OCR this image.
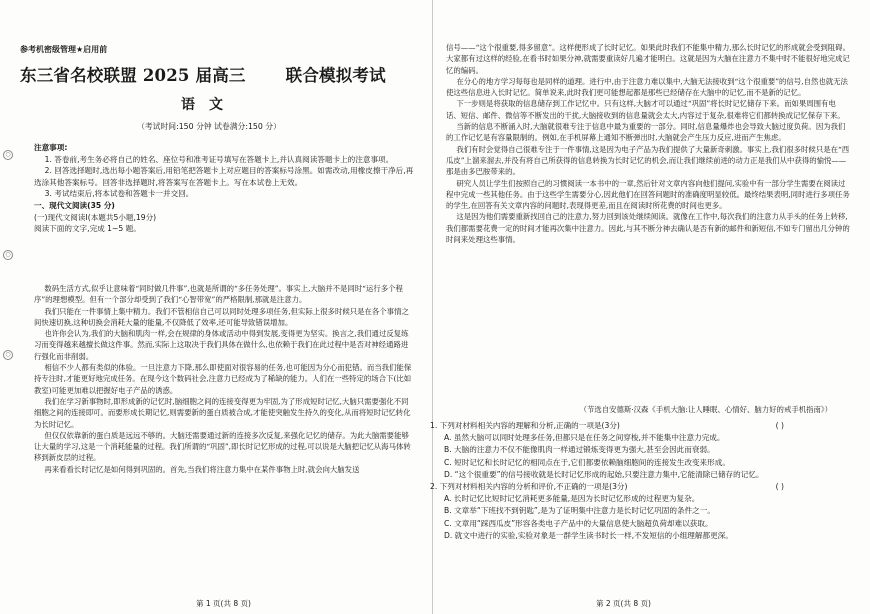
○
○
○
参考机密级管理★启用前
东三省名校联盟 2025 届高三 联合模拟考试
语文
（考试时间:150 分钟 试卷满分:150 分）

注意事项:

1. 答卷前,考生务必将自己的姓名、座位号和准考证号填写在答题卡上,并认真阅读答题卡上的注意事项。

2. 回答选择题时,选出每小题答案后,用铅笔把答题卡上对应题目的答案标号涂黑。如需改动,用橡皮擦干净后,再选涂其他答案标号。回答非选择题时,将答案写在答题卡上。写在本试卷上无效。

3. 考试结束后,将本试卷和答题卡一并交回。

一、现代文阅读(35 分)

(一)现代文阅读Ⅰ(本题共5小题,19分)

阅读下面的文字,完成 1~5 题。

数码生活方式,似乎让意味着“同时做几件事”,也就是所谓的“多任务处理”。事实上,大脑并不是同时“运行多个程序”的理想模型。但有一个部分却受到了我们“心智带宽”的严格限制,那就是注意力。

我们只能在一件事情上集中精力。我们不管相信自己可以同时处理多项任务,但实际上很多时候只是在各个事情之间快速切换,这种切换会消耗大量的能量,不仅降低了效率,还可能导致错误增加。

也许你会认为,我们的大脑和肌肉一样,会在规律的身体或活动中得到发展,变得更为坚实。换言之,我们通过反复练习而变得越来越擅长做这件事。然而,实际上这取决于我们具体在做什么,也依赖于我们在此过程中是否对神经通路进行强化而非削弱。

相信不少人都有类似的体验。一旦注意力下降,那么即使面对很容易的任务,也可能因为分心而犯错。而当我们能保持专注时,才能更好地完成任务。在现今这个数码社会,注意力已经成为了稀缺的能力。人们在一些特定的场合下(比如教室)可能更加难以把握好电子产品的诱惑。

我们在学习新事物时,即形成新的记忆时,脑细胞之间的连接变得更为牢固,为了形成短时记忆,大脑只需要强化不同细胞之间的连接即可。而要形成长期记忆,则需要新的蛋白质被合成,才能使突触发生持久的变化,从而将短时记忆转化为长时记忆。

但仅仅依靠新的蛋白质是远远不够的。大脑还需要通过新的连接多次反复,来强化记忆的储存。为此大脑需要能够让大量的学习,这是一个消耗能量的过程。我们所谓的“巩固”,即长时记忆形成的过程,可以说是大脑把记忆从海马体转移到新皮层的过程。

再来看看长时记忆是如何得到巩固的。首先,当我们将注意力集中在某件事物上时,就会向大脑发送

第 1 页(共 8 页)

信号——“这个很重要,得多留意”。这样便形成了长时记忆。如果此时我们不能集中精力,那么长时记忆的形成就会受到阻碍。大家都有过这样的经验,在看书时如果分神,就需要重读好几遍才能明白。这就是因为大脑在注意力不集中时不能很好地完成记忆的编码。

在分心的地方学习每每也是同样的道理。进行中,由于注意力难以集中,大脑无法接收到“这个很重要”的信号,自然也就无法使这些信息进入长时记忆。简单说来,此时我们更可能想起都是那些已经储存在大脑中的记忆,而不是新的记忆。

下一步则是将获取的信息储存到工作记忆中。只有这样,大脑才可以通过“巩固”将长时记忆储存下来。而如果周围有电话、短信、邮件、微信等不断发出的干扰,大脑接收到的信息量就会太大,内容过于复杂,很难将它们都转换成记忆保存下来。

当新的信息不断涌入时,大脑就很难专注于信息中最为重要的一部分。同时,信息量爆炸也会导致大脑过度负荷。因为我们的工作记忆是有容量限制的。例如,在手机屏幕上通知不断弹出时,大脑就会产生压力反应,进而产生焦虑。

我们有时会觉得自己很难专注于一件事情,这是因为电子产品为我们提供了大量新奇刺激。事实上,我们很多时候只是在“西瓜皮”上溜来溜去,并没有将自己所获得的信息转换为长时记忆的机会,而让我们继续前进的动力正是我们从中获得的愉悦——那是由多巴胺带来的。

研究人员让学生们按照自己的习惯阅读一本书中的一章,然后针对文章内容向他们提问,实验中有一部分学生需要在阅读过程中完成一些其他任务。由于这些学生需要分心,因此他们在回答问题时的准确度明显较低。最终结果表明,同时进行多项任务的学生,在回答有关文章内容的问题时,表现得更差,而且在阅读时所花费的时间也更多。

这是因为他们需要重新找回自己的注意力,努力回到该处继续阅读。就像在工作中,每次我们的注意力从手头的任务上转移,我们都需要花费一定的时间才能再次集中注意力。因此,与其不断分神去确认是否有新的邮件和新短信,不如专门留出几分钟的时间来处理这些事情。

（节选自安德斯·汉森《手机大脑:让人睡眠、心情好、脑力好的戒手机指南》）

1. 下列对材料相关内容的理解和分析,正确的一项是(3分)	( )

A. 虽然大脑可以同时处理多任务,但都只是在任务之间穿梭,并不能集中注意力完成。

B. 大脑的注意力不仅不能像肌肉一样通过锻炼变得更为强大,甚至会因此而衰弱。

C. 短时记忆和长时记忆的相同点在于,它们都要依赖脑细胞间的连接发生改变来形成。

D. “这个很重要”的信号接收就是长时记忆形成的起始,只要注意力集中,它能清除已储存的记忆。

2. 下列对材料相关内容的分析和评价,不正确的一项是(3分)	( )

A. 长时记忆比短时记忆消耗更多能量,是因为长时记忆形成的过程更为复杂。

B. 文章举“下班找不到钥匙”,是为了证明集中注意力是长时记忆巩固的条件之一。

C. 文章用“踩西瓜皮”形容各类电子产品中的大量信息使大脑超负荷却难以获取。

D. 就文中进行的实验,实验对象是一群学生读书时长一样,不发短信的小组理解都更深。

第 2 页(共 8 页)
